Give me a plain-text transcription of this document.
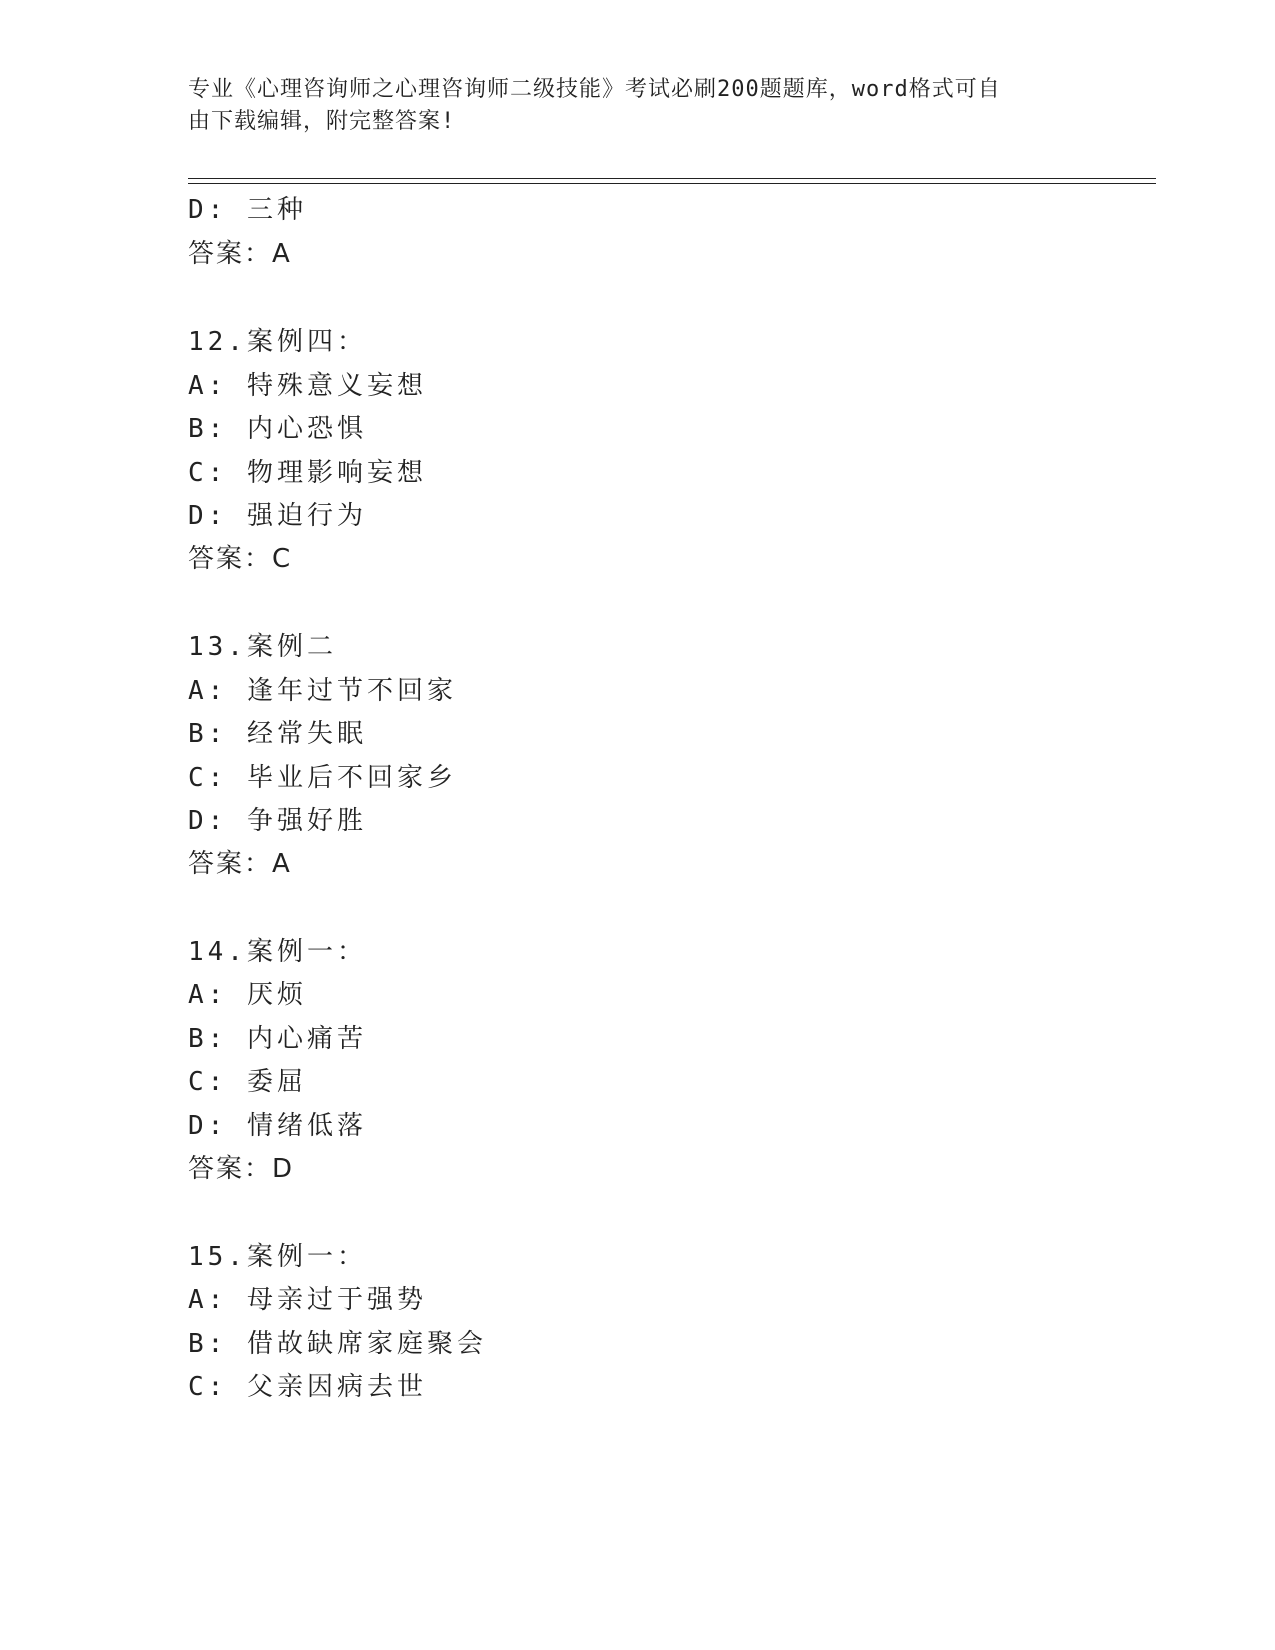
专业《心理咨询师之心理咨询师二级技能》考试必刷200题题库，word格式可自
由下载编辑，附完整答案!
D: 三种
答案：A
12.案例四：
A: 特殊意义妄想
B: 内心恐惧
C: 物理影响妄想
D: 强迫行为
答案：C
13.案例二
A: 逢年过节不回家
B: 经常失眠
C: 毕业后不回家乡
D: 争强好胜
答案：A
14.案例一：
A: 厌烦
B: 内心痛苦
C: 委屈
D: 情绪低落
答案：D
15.案例一：
A: 母亲过于强势
B: 借故缺席家庭聚会
C: 父亲因病去世
